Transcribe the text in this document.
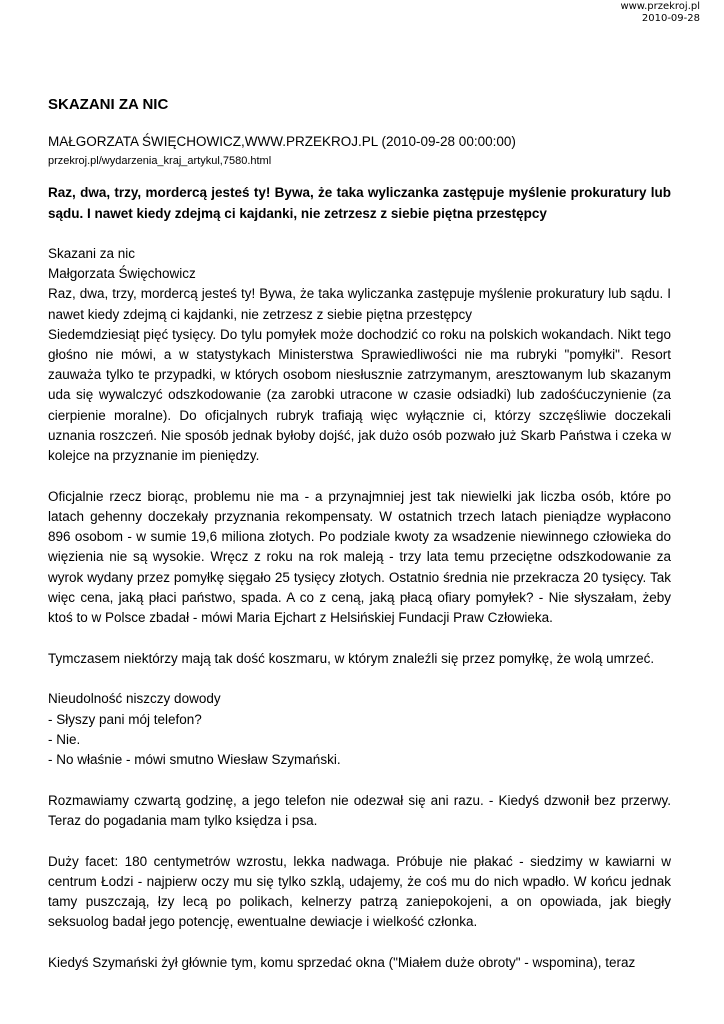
www.przekroj.pl
2010-09-28
SKAZANI ZA NIC
MAŁGORZATA ŚWIĘCHOWICZ,WWW.PRZEKROJ.PL (2010-09-28 00:00:00)
przekroj.pl/wydarzenia_kraj_artykul,7580.html
Raz, dwa, trzy, mordercą jesteś ty! Bywa, że taka wyliczanka zastępuje myślenie prokuratury lub sądu. I nawet kiedy zdejmą ci kajdanki, nie zetrzesz z siebie piętna przestępcy
Skazani za nic
Małgorzata Święchowicz
Raz, dwa, trzy, mordercą jesteś ty! Bywa, że taka wyliczanka zastępuje myślenie prokuratury lub sądu. I nawet kiedy zdejmą ci kajdanki, nie zetrzesz z siebie piętna przestępcy
Siedemdziesiąt pięć tysięcy. Do tylu pomyłek może dochodzić co roku na polskich wokandach. Nikt tego głośno nie mówi, a w statystykach Ministerstwa Sprawiedliwości nie ma rubryki "pomyłki". Resort zauważa tylko te przypadki, w których osobom niesłusznie zatrzymanym, aresztowanym lub skazanym uda się wywalczyć odszkodowanie (za zarobki utracone w czasie odsiadki) lub zadośćuczynienie (za cierpienie moralne). Do oficjalnych rubryk trafiają więc wyłącznie ci, którzy szczęśliwie doczekali uznania roszczeń. Nie sposób jednak byłoby dojść, jak dużo osób pozwało już Skarb Państwa i czeka w kolejce na przyznanie im pieniędzy.
Oficjalnie rzecz biorąc, problemu nie ma - a przynajmniej jest tak niewielki jak liczba osób, które po latach gehenny doczekały przyznania rekompensaty. W ostatnich trzech latach pieniądze wypłacono 896 osobom - w sumie 19,6 miliona złotych. Po podziale kwoty za wsadzenie niewinnego człowieka do więzienia nie są wysokie. Wręcz z roku na rok maleją - trzy lata temu przeciętne odszkodowanie za wyrok wydany przez pomyłkę sięgało 25 tysięcy złotych. Ostatnio średnia nie przekracza 20 tysięcy. Tak więc cena, jaką płaci państwo, spada. A co z ceną, jaką płacą ofiary pomyłek? - Nie słyszałam, żeby ktoś to w Polsce zbadał - mówi Maria Ejchart z Helsińskiej Fundacji Praw Człowieka.
Tymczasem niektórzy mają tak dość koszmaru, w którym znaleźli się przez pomyłkę, że wolą umrzeć.
Nieudolność niszczy dowody
- Słyszy pani mój telefon?
- Nie.
- No właśnie - mówi smutno Wiesław Szymański.
Rozmawiamy czwartą godzinę, a jego telefon nie odezwał się ani razu. - Kiedyś dzwonił bez przerwy. Teraz do pogadania mam tylko księdza i psa.
Duży facet: 180 centymetrów wzrostu, lekka nadwaga. Próbuje nie płakać - siedzimy w kawiarni w centrum Łodzi - najpierw oczy mu się tylko szklą, udajemy, że coś mu do nich wpadło. W końcu jednak tamy puszczają, łzy lecą po polikach, kelnerzy patrzą zaniepokojeni, a on opowiada, jak biegły seksuolog badał jego potencję, ewentualne dewiacje i wielkość członka.
Kiedyś Szymański żył głównie tym, komu sprzedać okna ("Miałem duże obroty" - wspomina), teraz
